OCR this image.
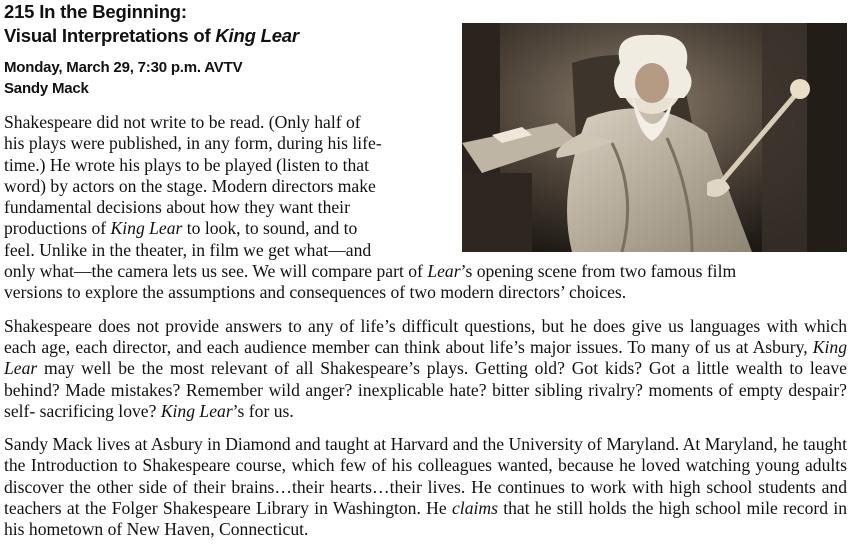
215 In the Beginning:
Visual Interpretations of King Lear
Monday, March 29, 7:30 p.m. AVTV
Sandy Mack

Shakespeare did not write to be read. (Only half of
his plays were published, in any form, during his life-
time.) He wrote his plays to be played (listen to that
word) by actors on the stage. Modern directors make
fundamental decisions about how they want their
productions of King Lear to look, to sound, and to
feel. Unlike in the theater, in film we get what—and
only what—the camera lets us see. We will compare part of Lear’s opening scene from two famous film
versions to explore the assumptions and consequences of two modern directors’ choices.

Shakespeare does not provide answers to any of life’s difficult questions, but he does give us languages with which each age, each director, and each audience member can think about life’s major issues. To many of us at Asbury, King Lear may well be the most relevant of all Shakespeare’s plays. Getting old? Got kids? Got a little wealth to leave behind? Made mistakes? Remember wild anger? inexplicable hate? bitter sibling rivalry? moments of empty despair? self- sacrificing love? King Lear’s for us.

Sandy Mack lives at Asbury in Diamond and taught at Harvard and the University of Maryland. At Maryland, he taught the Introduction to Shakespeare course, which few of his colleagues wanted, because he loved watching young adults discover the other side of their brains…their hearts…their lives. He continues to work with high school students and teachers at the Folger Shakespeare Library in Washington. He claims that he still holds the high school mile record in his hometown of New Haven, Connecticut.
